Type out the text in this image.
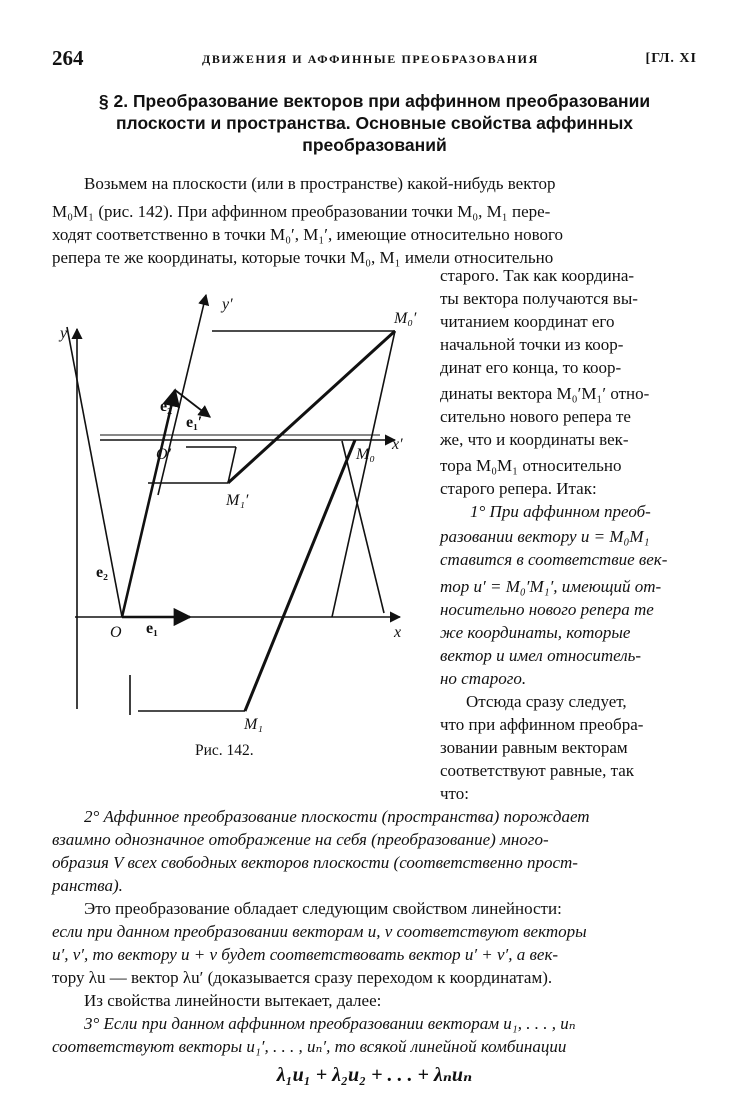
264	ДВИЖЕНИЯ И АФФИННЫЕ ПРЕОБРАЗОВАНИЯ	[ГЛ. XI
§ 2. Преобразование векторов при аффинном преобразовании
плоскости и пространства. Основные свойства аффинных
преобразований
Возьмем на плоскости (или в пространстве) какой-нибудь вектор
M₀M₁ (рис. 142). При аффинном преобразовании точки M₀, M₁ пере-
ходят соответственно в точки M₀′, M₁′, имеющие относительно нового
репера те же координаты, которые точки M₀, M₁ имели относительно
старого. Так как координа-
ты вектора получаются вы-
читанием координат его
начальной точки из коор-
динат его конца, то коор-
динаты вектора M₀′M₁′ отно-
сительно нового репера те
же, что и координаты век-
тора M₀M₁ относительно
старого репера. Итак:
1° При аффинном преоб-
разовании вектору u = M₀M₁
ставится в соответствие век-
тор u′ = M₀′M₁′, имеющий от-
носительно нового репера те
же координаты, которые
вектор u имел относитель-
но старого.
Отсюда сразу следует,
что при аффинном преобра-
зовании равным векторам
соответствуют равные, так
что:
2° Аффинное преобразование плоскости (пространства) порождает
взаимно однозначное отображение на себя (преобразование) много-
образия V всех свободных векторов плоскости (соответственно прост-
ранства).
Это преобразование обладает следующим свойством линейности:
если при данном преобразовании векторам u, v соответствуют векторы
u′, v′, то вектору u + v будет соответствовать вектор u′ + v′, а век-
тору λu — вектор λu′ (доказывается сразу переходом к координатам).
Из свойства линейности вытекает, далее:
3° Если при данном аффинном преобразовании векторам u₁, . . . , uₙ
соответствуют векторы u₁′, . . . , uₙ′, то всякой линейной комбинации
λ₁u₁ + λ₂u₂ + . . . + λₙuₙ
y′
y
M₀′
e₂′
e₁′
O′	M₀
x′
M₁′
e₂
O e₁	x
M₁
Рис. 142.
